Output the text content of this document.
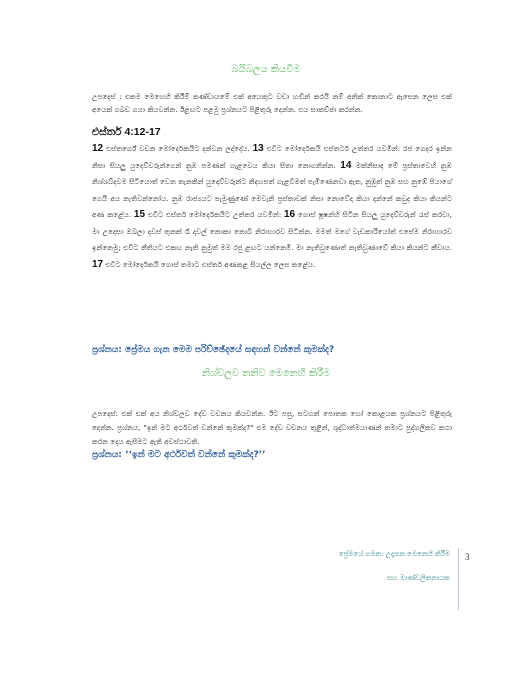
බයිබලය කියවීම
උපදෙස් : එකම මෙහෙහි කිරීම් කණ්ඩායමේ එක් අයෙකුට වඩා හඬින් කරයි නම් අනික් කොනාට ඇසෙන ලෙස එක් අයෙක් ගබඩ ගයා කියවන්න. ඊළඟට පළමු ප්‍රශ්නයට පිළිතුරු දෙන්න. එය සාකච්ඡා කරන්න.
එස්තර් 4:12-17
12 එස්තර්ගේ වචන මෝර්දෙකයිට දන්වන ලද්දේය. 13 එවිට මෝර්දෙකයි එස්තර්ට උත්තර යවමින්: රජ ගෙදර ඉන්න නිසා සියලු යුදෙව්වරුන්ගෙන් නුඹ පමණක් ගැළවෙය කියා සිතා නොගනින්න. 14 මක්නිසාද මේ ප්‍රස්තාවෙහි නුඹ නිශ්ශබ්දවම සිටියොත් වෙන තැනකින් යුදෙව්වරුන්ට නිදහසත් ගැළවීමත් පැමිණෙනවා ඇත, නුඹුත් නුඹ සහ නුඹේ පියාගේ ගෙයි අය නැතිවන්නෝය. නුඹ රාජ්‍යයට පැමුණුණේ මෙවැනි ප්‍රස්තාවක් නිසා නොවේද කියා දන්නේ කවුද කියා කියන්ට අණ කළේය. 15 එවිට එස්තර් මෝර්දෙකයිට උත්තර යවමින්: 16 ගොස් ෂූෂන්හි සිටින සියලු යුදෙව්වරුන් රැස් කරවා, මා උදෙසා ඔබලා දවස් තුනක් රෑ දවල් නොකා නොබී නිරාහාරව සිටින්න. මමත් මගේ වැඩකාරියෝත් එසේම නිරාහාරව ඉන්නෙමු; එවිට නීතියට එකඟ නැති නුමුත් මම රජු ළඟට යන්නෙමි. මා නැතිවුණොත් නැතිවුණාවේ කියා කියන්ට කීවාය. 17 එවිට මෝර්දෙකයි ගොස් තමාට එස්තර් අණකළ සියල්ල ලෙස කළේය.
ප්‍රශ්නය: ප්‍රේමය ගැන මෙම පරිච්ඡේදයේ සඳහන් වන්නේ කුමක්ද?
නිශ්චලව තනිව මෙනෙහි කිරීම
උපදෙස්: එක් එක් අය නිශ්චලව දේව වචනය කියවන්න. ඊට පසු, සටහන් පොතක හෝ කොළයක ප්‍රශ්නයට පිළිතුරු දෙන්න. ප්‍රශ්නය, "ඉන් මට අර්ථවත් වන්නේ කුමක්ද?" එම දේව වචනය තුළින්, ශුද්ධාත්මයාණන් තමාට පුද්ගලිකව කථා කරන දෙය ඇසීමට ඇති අවස්ථාවකි.
ප්‍රශ්නය: ‘‘ඉන් මට අර්ථවත් වන්නේ කුමක්ද?’’
ප්‍රේමයේ ගමන: උදෑසන මෙනෙහි කිරීම
සහ මාණ්ඩලිකනායක
3
